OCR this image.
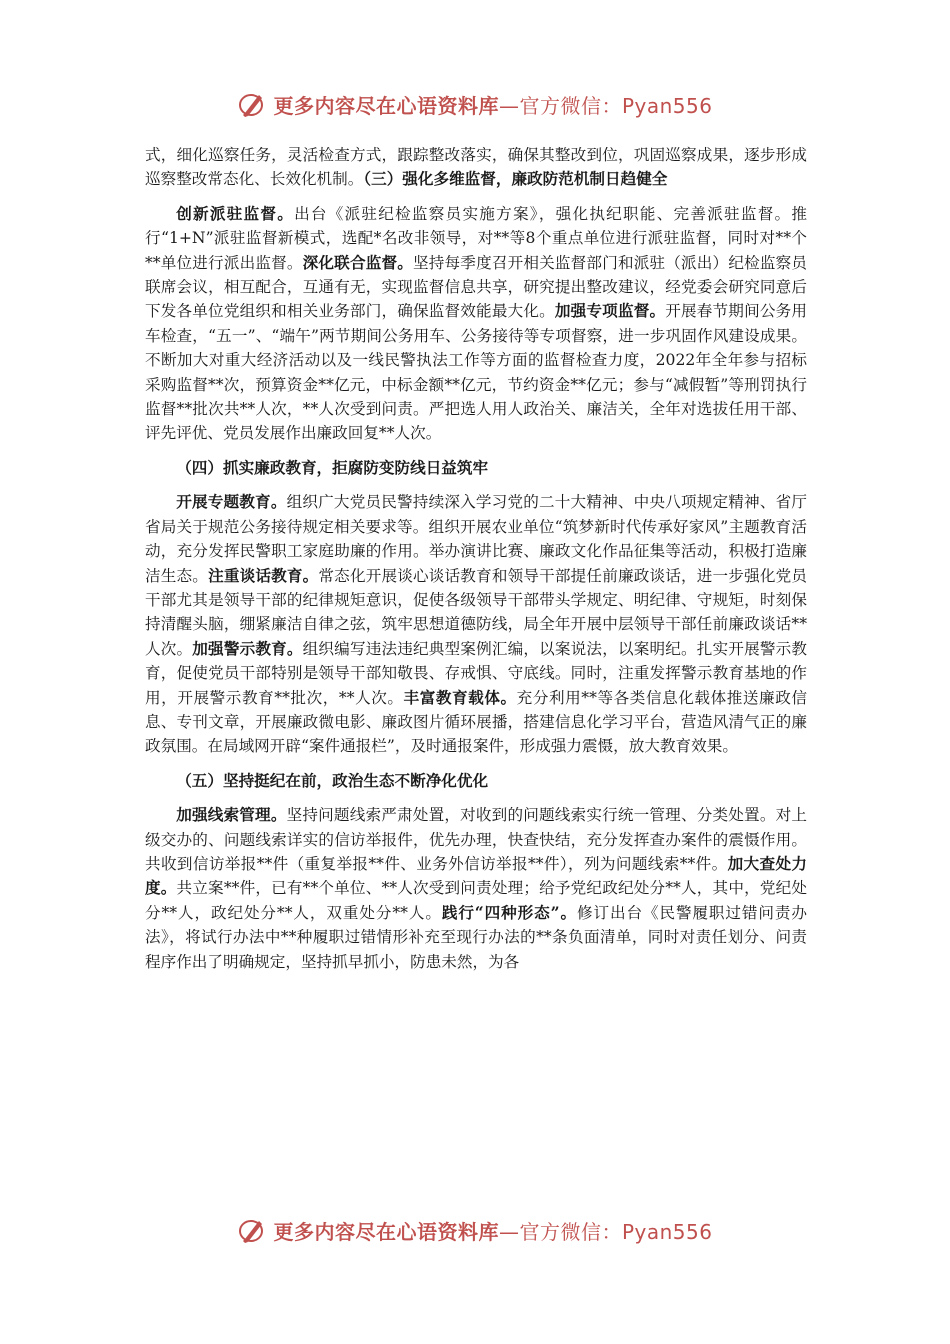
更多内容尽在心语资料库—官方微信：Pyan556

式，细化巡察任务，灵活检查方式，跟踪整改落实，确保其整改到位，巩固巡察成果，逐步形成巡察整改常态化、长效化机制。（三）强化多维监督，廉政防范机制日趋健全

创新派驻监督。出台《派驻纪检监察员实施方案》，强化执纪职能、完善派驻监督。推行“1+N”派驻监督新模式，选配*名改非领导，对**等8个重点单位进行派驻监督，同时对**个**单位进行派出监督。深化联合监督。坚持每季度召开相关监督部门和派驻（派出）纪检监察员联席会议，相互配合，互通有无，实现监督信息共享，研究提出整改建议，经党委会研究同意后下发各单位党组织和相关业务部门，确保监督效能最大化。加强专项监督。开展春节期间公务用车检查，“五一”、“端午”两节期间公务用车、公务接待等专项督察，进一步巩固作风建设成果。不断加大对重大经济活动以及一线民警执法工作等方面的监督检查力度，2022年全年参与招标采购监督**次，预算资金**亿元，中标金额**亿元，节约资金**亿元；参与“减假暂”等刑罚执行监督**批次共**人次，**人次受到问责。严把选人用人政治关、廉洁关，全年对选拔任用干部、评先评优、党员发展作出廉政回复**人次。

（四）抓实廉政教育，拒腐防变防线日益筑牢

开展专题教育。组织广大党员民警持续深入学习党的二十大精神、中央八项规定精神、省厅省局关于规范公务接待规定相关要求等。组织开展农业单位“筑梦新时代传承好家风”主题教育活动，充分发挥民警职工家庭助廉的作用。举办演讲比赛、廉政文化作品征集等活动，积极打造廉洁生态。注重谈话教育。常态化开展谈心谈话教育和领导干部提任前廉政谈话，进一步强化党员干部尤其是领导干部的纪律规矩意识，促使各级领导干部带头学规定、明纪律、守规矩，时刻保持清醒头脑，绷紧廉洁自律之弦，筑牢思想道德防线，局全年开展中层领导干部任前廉政谈话**人次。加强警示教育。组织编写违法违纪典型案例汇编，以案说法，以案明纪。扎实开展警示教育，促使党员干部特别是领导干部知敬畏、存戒惧、守底线。同时，注重发挥警示教育基地的作用，开展警示教育**批次，**人次。丰富教育载体。充分利用**等各类信息化载体推送廉政信息、专刊文章，开展廉政微电影、廉政图片循环展播，搭建信息化学习平台，营造风清气正的廉政氛围。在局域网开辟“案件通报栏”，及时通报案件，形成强力震慑，放大教育效果。

（五）坚持挺纪在前，政治生态不断净化优化

加强线索管理。坚持问题线索严肃处置，对收到的问题线索实行统一管理、分类处置。对上级交办的、问题线索详实的信访举报件，优先办理，快查快结，充分发挥查办案件的震慑作用。共收到信访举报**件（重复举报**件、业务外信访举报**件），列为问题线索**件。加大查处力度。共立案**件，已有**个单位、**人次受到问责处理；给予党纪政纪处分**人，其中，党纪处分**人，政纪处分**人，双重处分**人。践行“四种形态”。修订出台《民警履职过错问责办法》，将试行办法中**种履职过错情形补充至现行办法的**条负面清单，同时对责任划分、问责程序作出了明确规定，坚持抓早抓小，防患未然，为各

更多内容尽在心语资料库—官方微信：Pyan556
